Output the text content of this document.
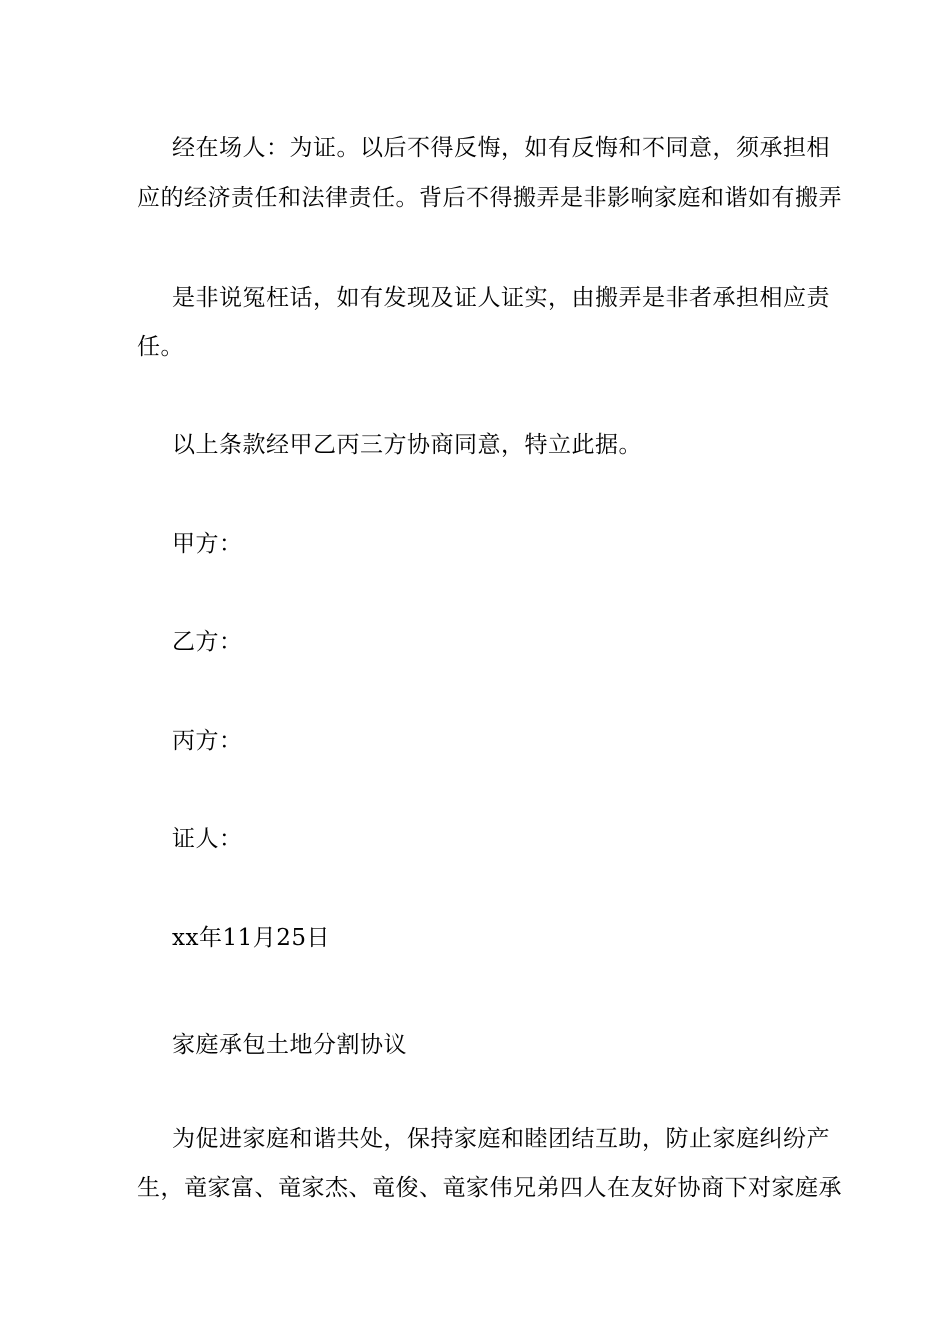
经在场人：为证。以后不得反悔，如有反悔和不同意，须承担相
应的经济责任和法律责任。背后不得搬弄是非影响家庭和谐如有搬弄
是非说冤枉话，如有发现及证人证实，由搬弄是非者承担相应责
任。
以上条款经甲乙丙三方协商同意，特立此据。
甲方：
乙方：
丙方：
证人：
xx年11月25日
家庭承包土地分割协议
为促进家庭和谐共处，保持家庭和睦团结互助，防止家庭纠纷产
生，竜家富、竜家杰、竜俊、竜家伟兄弟四人在友好协商下对家庭承
